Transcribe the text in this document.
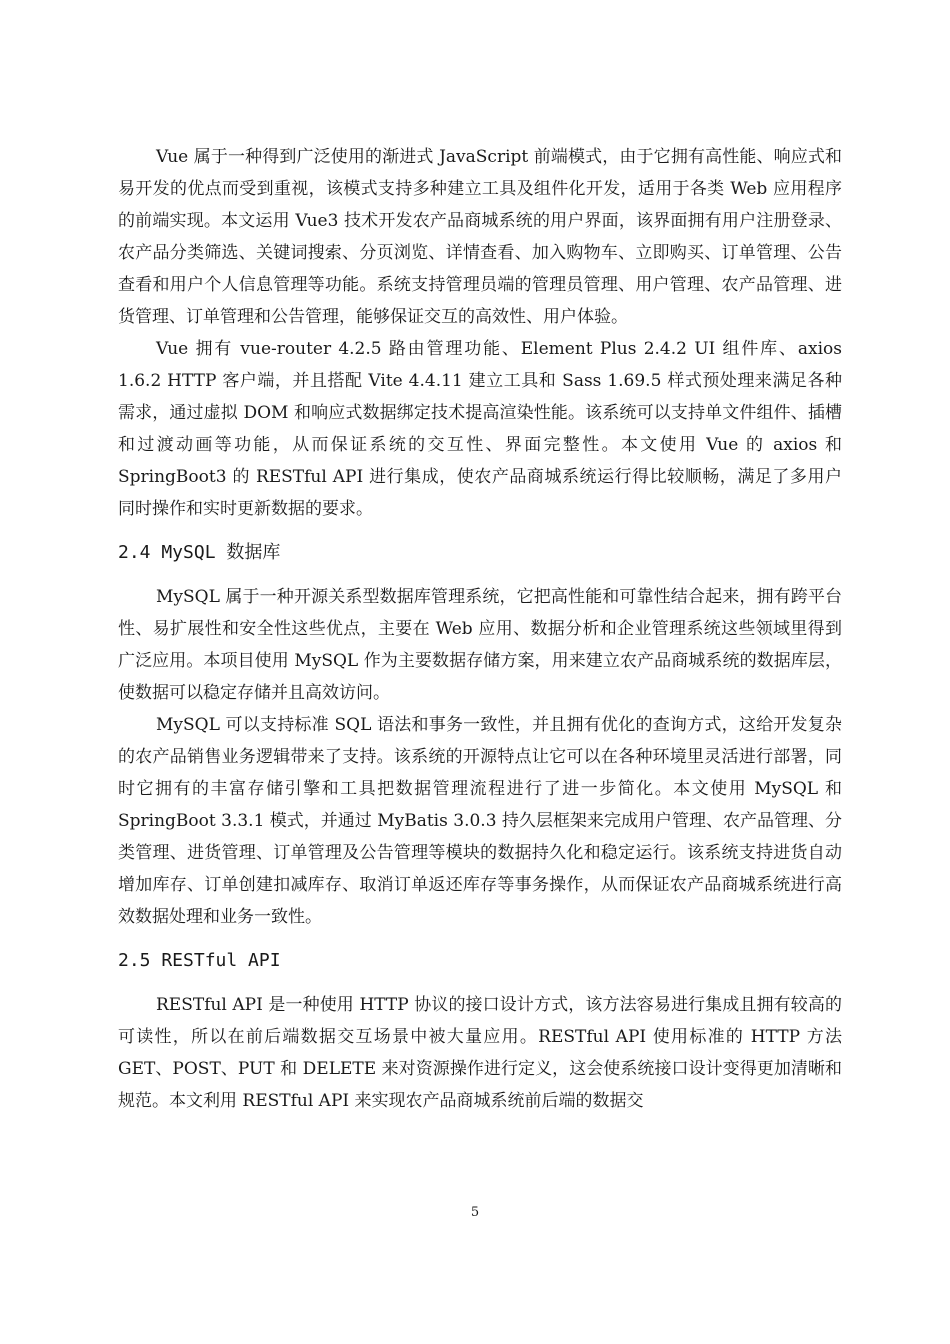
Vue 属于一种得到广泛使用的渐进式 JavaScript 前端模式，由于它拥有高性能、响应式和易开发的优点而受到重视，该模式支持多种建立工具及组件化开发，适用于各类 Web 应用程序的前端实现。本文运用 Vue3 技术开发农产品商城系统的用户界面，该界面拥有用户注册登录、农产品分类筛选、关键词搜索、分页浏览、详情查看、加入购物车、立即购买、订单管理、公告查看和用户个人信息管理等功能。系统支持管理员端的管理员管理、用户管理、农产品管理、进货管理、订单管理和公告管理，能够保证交互的高效性、用户体验。

Vue 拥有 vue-router 4.2.5 路由管理功能、Element Plus 2.4.2 UI 组件库、axios 1.6.2 HTTP 客户端，并且搭配 Vite 4.4.11 建立工具和 Sass 1.69.5 样式预处理来满足各种需求，通过虚拟 DOM 和响应式数据绑定技术提高渲染性能。该系统可以支持单文件组件、插槽和过渡动画等功能，从而保证系统的交互性、界面完整性。本文使用 Vue 的 axios 和 SpringBoot3 的 RESTful API 进行集成，使农产品商城系统运行得比较顺畅，满足了多用户同时操作和实时更新数据的要求。

2.4 MySQL 数据库

MySQL 属于一种开源关系型数据库管理系统，它把高性能和可靠性结合起来，拥有跨平台性、易扩展性和安全性这些优点，主要在 Web 应用、数据分析和企业管理系统这些领域里得到广泛应用。本项目使用 MySQL 作为主要数据存储方案，用来建立农产品商城系统的数据库层，使数据可以稳定存储并且高效访问。

MySQL 可以支持标准 SQL 语法和事务一致性，并且拥有优化的查询方式，这给开发复杂的农产品销售业务逻辑带来了支持。该系统的开源特点让它可以在各种环境里灵活进行部署，同时它拥有的丰富存储引擎和工具把数据管理流程进行了进一步简化。本文使用 MySQL 和 SpringBoot 3.3.1 模式，并通过 MyBatis 3.0.3 持久层框架来完成用户管理、农产品管理、分类管理、进货管理、订单管理及公告管理等模块的数据持久化和稳定运行。该系统支持进货自动增加库存、订单创建扣减库存、取消订单返还库存等事务操作，从而保证农产品商城系统进行高效数据处理和业务一致性。

2.5 RESTful API

RESTful API 是一种使用 HTTP 协议的接口设计方式，该方法容易进行集成且拥有较高的可读性，所以在前后端数据交互场景中被大量应用。RESTful API 使用标准的 HTTP 方法 GET、POST、PUT 和 DELETE 来对资源操作进行定义，这会使系统接口设计变得更加清晰和规范。本文利用 RESTful API 来实现农产品商城系统前后端的数据交

5
